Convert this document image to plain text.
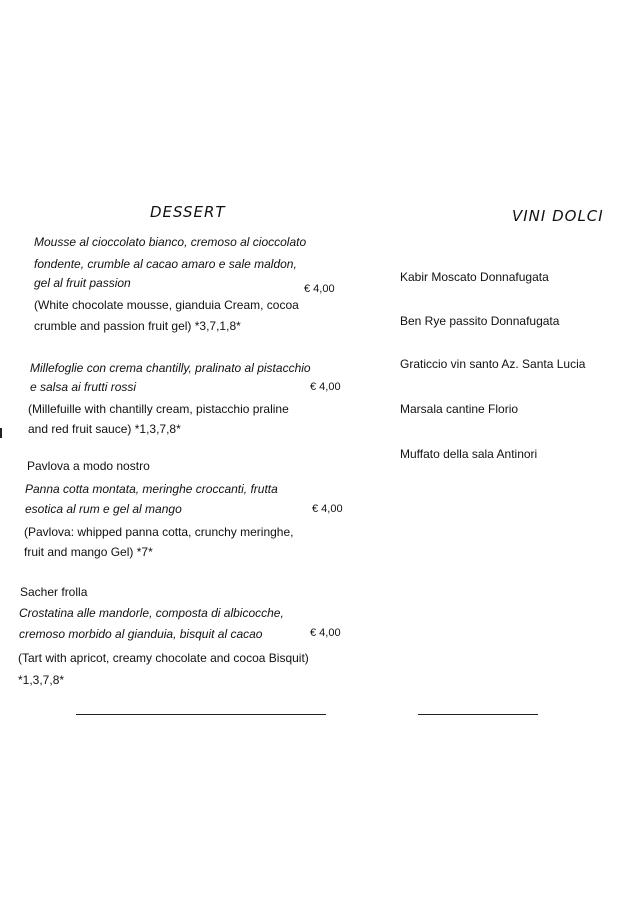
DESSERT	VINI DOLCI
Mousse al cioccolato bianco, cremoso al cioccolato
fondente, crumble al cacao amaro e sale maldon,
gel al fruit passion	€ 4,00
(White chocolate mousse, gianduia Cream, cocoa
crumble and passion fruit gel) *3,7,1,8*
Millefoglie con crema chantilly, pralinato al pistacchio
e salsa ai frutti rossi	€ 4,00
(Millefuille with chantilly cream, pistacchio praline
and red fruit sauce) *1,3,7,8*
Pavlova a modo nostro
Panna cotta montata, meringhe croccanti, frutta
esotica al rum e gel al mango	€ 4,00
(Pavlova: whipped panna cotta, crunchy meringhe,
fruit and mango Gel) *7*
Sacher frolla
Crostatina alle mandorle, composta di albicocche,
cremoso morbido al gianduia, bisquit al cacao	€ 4,00
(Tart with apricot, creamy chocolate and cocoa Bisquit)
*1,3,7,8*
Kabir Moscato Donnafugata
Ben Rye passito Donnafugata
Graticcio vin santo Az. Santa Lucia
Marsala cantine Florio
Muffato della sala Antinori
